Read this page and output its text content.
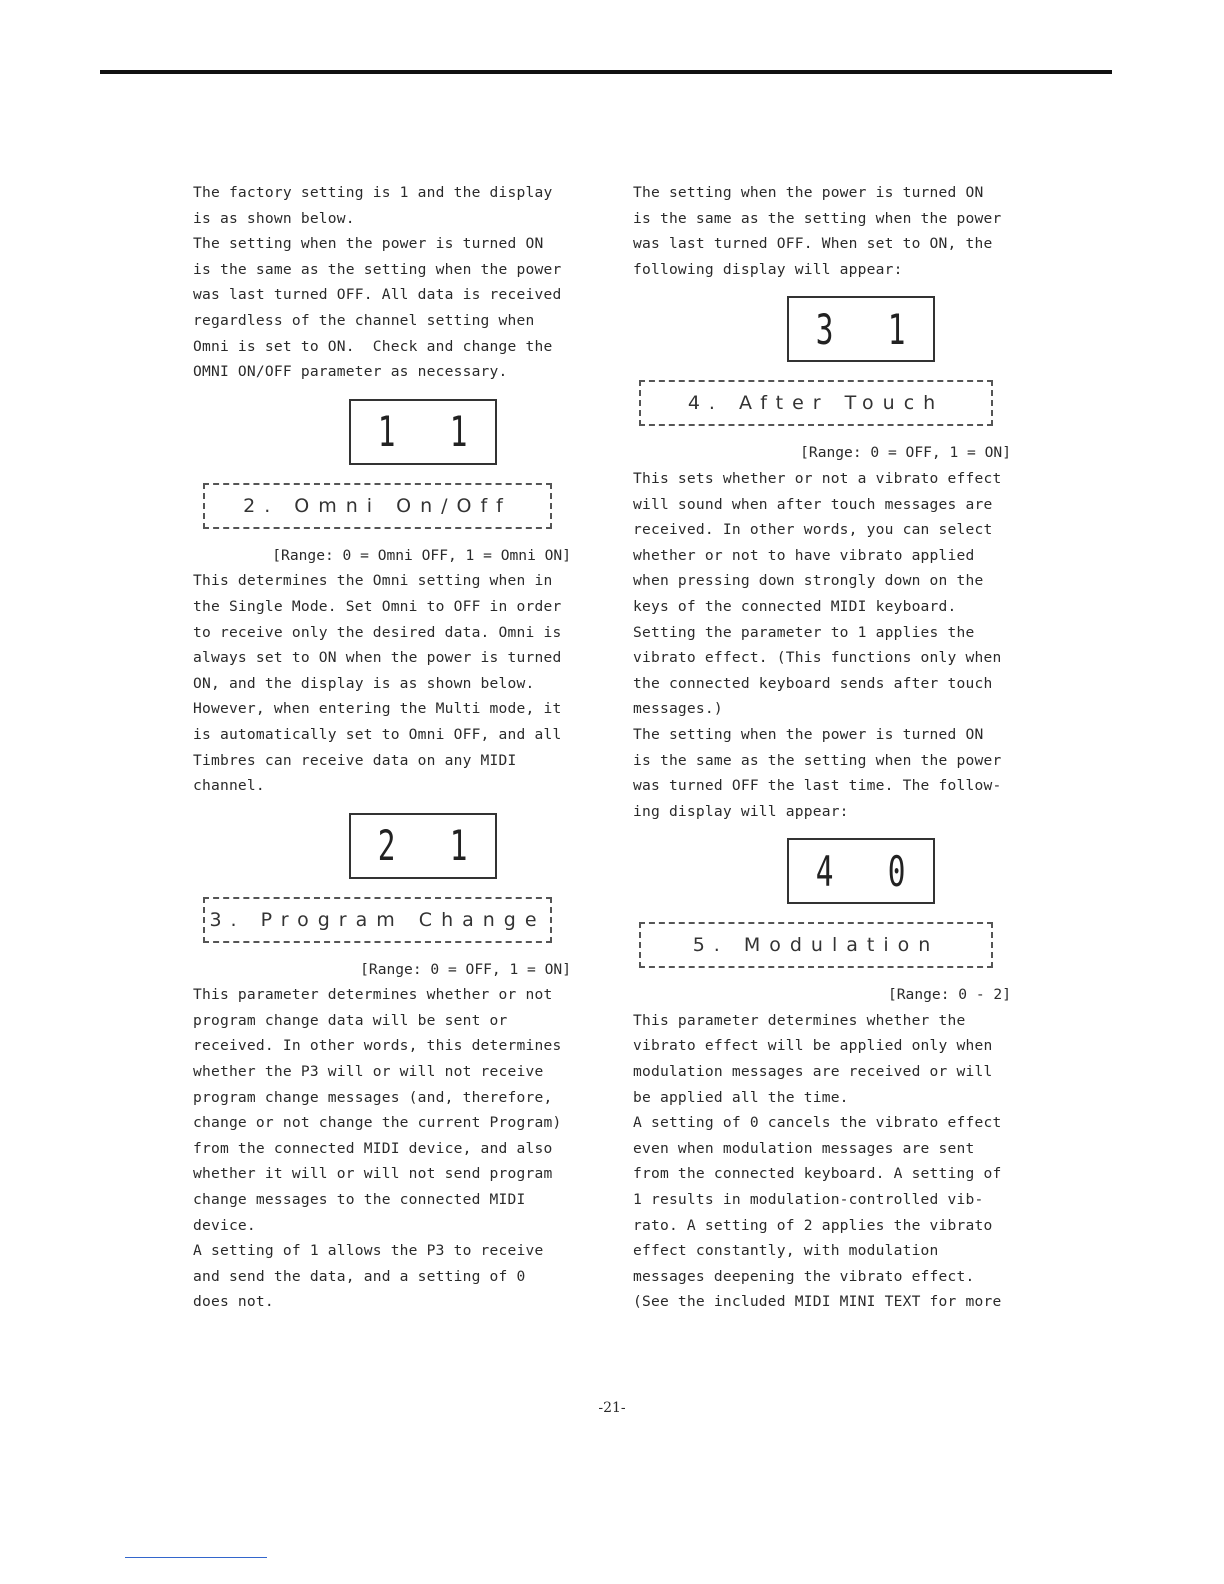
The factory setting is 1 and the display
is as shown below.
The setting when the power is turned ON
is the same as the setting when the power
was last turned OFF. All data is received
regardless of the channel setting when
Omni is set to ON.  Check and change the
OMNI ON/OFF parameter as necessary.

1 1
2. Omni On/Off

[Range: 0 = Omni OFF, 1 = Omni ON]

This determines the Omni setting when in
the Single Mode. Set Omni to OFF in order
to receive only the desired data. Omni is
always set to ON when the power is turned
ON, and the display is as shown below.
However, when entering the Multi mode, it
is automatically set to Omni OFF, and all
Timbres can receive data on any MIDI
channel.

2 1
3. Program Change

[Range: 0 = OFF, 1 = ON]

This parameter determines whether or not
program change data will be sent or
received. In other words, this determines
whether the P3 will or will not receive
program change messages (and, therefore,
change or not change the current Program)
from the connected MIDI device, and also
whether it will or will not send program
change messages to the connected MIDI
device.
A setting of 1 allows the P3 to receive
and send the data, and a setting of 0
does not.

The setting when the power is turned ON
is the same as the setting when the power
was last turned OFF. When set to ON, the
following display will appear:

3 1
4. After Touch

[Range: 0 = OFF, 1 = ON]

This sets whether or not a vibrato effect
will sound when after touch messages are
received. In other words, you can select
whether or not to have vibrato applied
when pressing down strongly down on the
keys of the connected MIDI keyboard.
Setting the parameter to 1 applies the
vibrato effect. (This functions only when
the connected keyboard sends after touch
messages.)
The setting when the power is turned ON
is the same as the setting when the power
was turned OFF the last time. The follow-
ing display will appear:

4 0
5. Modulation

[Range: 0 - 2]

This parameter determines whether the
vibrato effect will be applied only when
modulation messages are received or will
be applied all the time.
A setting of 0 cancels the vibrato effect
even when modulation messages are sent
from the connected keyboard. A setting of
1 results in modulation-controlled vib-
rato. A setting of 2 applies the vibrato
effect constantly, with modulation
messages deepening the vibrato effect.
(See the included MIDI MINI TEXT for more

-21-
